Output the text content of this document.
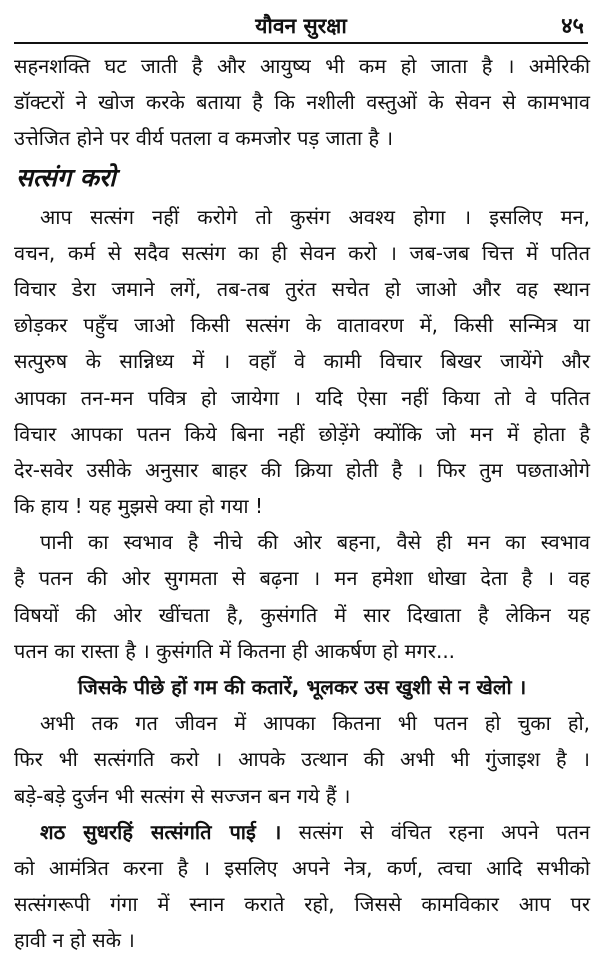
यौवन सुरक्षा	४५
सहनशक्ति घट जाती है और आयुष्य भी कम हो जाता है । अमेरिकी
डॉक्टरों ने खोज करके बताया है कि नशीली वस्तुओं के सेवन से कामभाव
उत्तेजित होने पर वीर्य पतला व कमजोर पड़ जाता है ।
सत्संग करो
आप सत्संग नहीं करोगे तो कुसंग अवश्य होगा । इसलिए मन,
वचन, कर्म से सदैव सत्संग का ही सेवन करो । जब-जब चित्त में पतित
विचार डेरा जमाने लगें, तब-तब तुरंत सचेत हो जाओ और वह स्थान
छोड़कर पहुँच जाओ किसी सत्संग के वातावरण में, किसी सन्मित्र या
सत्पुरुष के सान्निध्य में । वहाँ वे कामी विचार बिखर जायेंगे और
आपका तन-मन पवित्र हो जायेगा । यदि ऐसा नहीं किया तो वे पतित
विचार आपका पतन किये बिना नहीं छोड़ेंगे क्योंकि जो मन में होता है
देर-सवेर उसीके अनुसार बाहर की क्रिया होती है । फिर तुम पछताओगे
कि हाय ! यह मुझसे क्या हो गया !
पानी का स्वभाव है नीचे की ओर बहना, वैसे ही मन का स्वभाव
है पतन की ओर सुगमता से बढ़ना । मन हमेशा धोखा देता है । वह
विषयों की ओर खींचता है, कुसंगति में सार दिखाता है लेकिन यह
पतन का रास्ता है । कुसंगति में कितना ही आकर्षण हो मगर...
जिसके पीछे हों गम की कतारें, भूलकर उस खुशी से न खेलो ।
अभी तक गत जीवन में आपका कितना भी पतन हो चुका हो,
फिर भी सत्संगति करो । आपके उत्थान की अभी भी गुंजाइश है ।
बड़े-बड़े दुर्जन भी सत्संग से सज्जन बन गये हैं ।
शठ सुधरहिं सत्संगति पाई । सत्संग से वंचित रहना अपने पतन
को आमंत्रित करना है । इसलिए अपने नेत्र, कर्ण, त्वचा आदि सभीको
सत्संगरूपी गंगा में स्नान कराते रहो, जिससे कामविकार आप पर
हावी न हो सके ।
